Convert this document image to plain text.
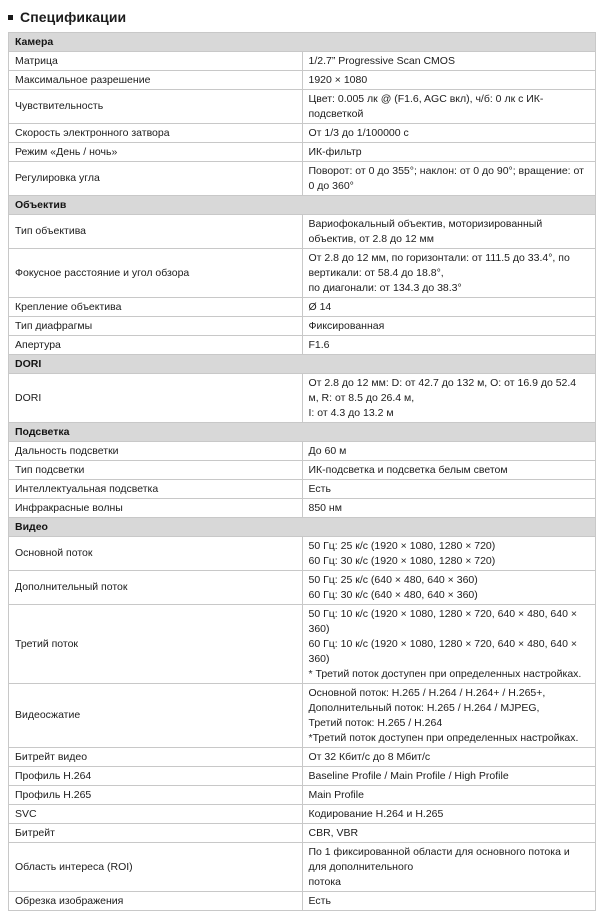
Спецификации
Камера	
Матрица	1/2.7” Progressive Scan CMOS

Максимальное разрешение	1920 × 1080

Чувствительность	Цвет: 0.005 лк @ (F1.6, AGC вкл), ч/б: 0 лк с ИК-подсветкой

Скорость электронного затвора	От 1/3 до 1/100000 с

Режим «День / ночь»	ИК-фильтр

Регулировка угла	Поворот: от 0 до 355°; наклон: от 0 до 90°; вращение: от 0 до 360°

Объектив	
Тип объектива	Вариофокальный объектив, моторизированный объектив, от 2.8 до 12 мм

Фокусное расстояние и угол обзора	От 2.8 до 12 мм, по горизонтали: от 111.5 до 33.4°, по вертикали: от 58.4 до 18.8°,
по диагонали: от 134.3 до 38.3°

Крепление объектива	Ø 14

Тип диафрагмы	Фиксированная

Апертура	F1.6

DORI	
DORI	От 2.8 до 12 мм: D: от 42.7 до 132 м, O: от 16.9 до 52.4 м, R: от 8.5 до 26.4 м,
I: от 4.3 до 13.2 м

Подсветка	
Дальность подсветки	До 60 м

Тип подсветки	ИК-подсветка и подсветка белым светом

Интеллектуальная подсветка	Есть

Инфракрасные волны	850 нм

Видео	
Основной поток	50 Гц: 25 к/с (1920 × 1080, 1280 × 720)
60 Гц: 30 к/с (1920 × 1080, 1280 × 720)

Дополнительный поток	50 Гц: 25 к/с (640 × 480, 640 × 360)
60 Гц: 30 к/с (640 × 480, 640 × 360)

Третий поток	50 Гц: 10 к/с (1920 × 1080, 1280 × 720, 640 × 480, 640 × 360)
60 Гц: 10 к/с (1920 × 1080, 1280 × 720, 640 × 480, 640 × 360)
* Третий поток доступен при определенных настройках.

Видеосжатие	Основной поток: H.265 / H.264 / H.264+ / H.265+,
Дополнительный поток: H.265 / H.264 / MJPEG,
Третий поток: H.265 / H.264
*Третий поток доступен при определенных настройках.

Битрейт видео	От 32 Кбит/с до 8 Мбит/с

Профиль H.264	Baseline Profile / Main Profile / High Profile

Профиль H.265	Main Profile

SVC	Кодирование H.264 и H.265

Битрейт	CBR, VBR

Область интереса (ROI)	По 1 фиксированной области для основного потока и для дополнительного
потока

Обрезка изображения	Есть
